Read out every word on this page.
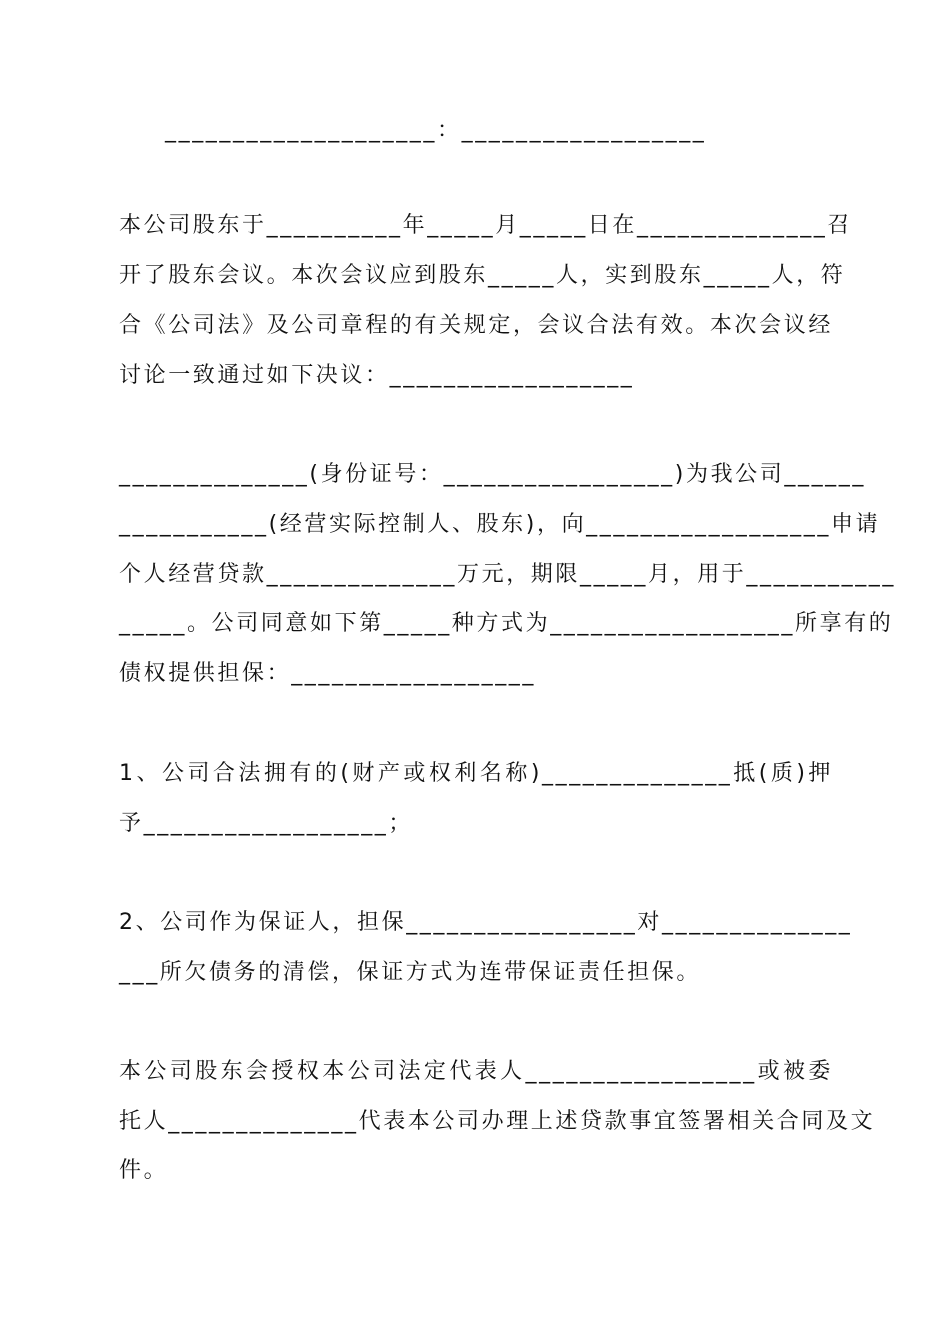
____________________：__________________
本公司股东于__________年_____月_____日在______________召
开了股东会议。本次会议应到股东_____人，实到股东_____人，符
合《公司法》及公司章程的有关规定，会议合法有效。本次会议经
讨论一致通过如下决议：__________________
______________(身份证号：_________________)为我公司______
___________(经营实际控制人、股东)，向__________________申请
个人经营贷款______________万元，期限_____月，用于___________
_____。公司同意如下第_____种方式为__________________所享有的
债权提供担保：__________________
1、公司合法拥有的(财产或权利名称)______________抵(质)押
予__________________；
2、公司作为保证人，担保_________________对______________
___所欠债务的清偿，保证方式为连带保证责任担保。
本公司股东会授权本公司法定代表人_________________或被委
托人______________代表本公司办理上述贷款事宜签署相关合同及文
件。
